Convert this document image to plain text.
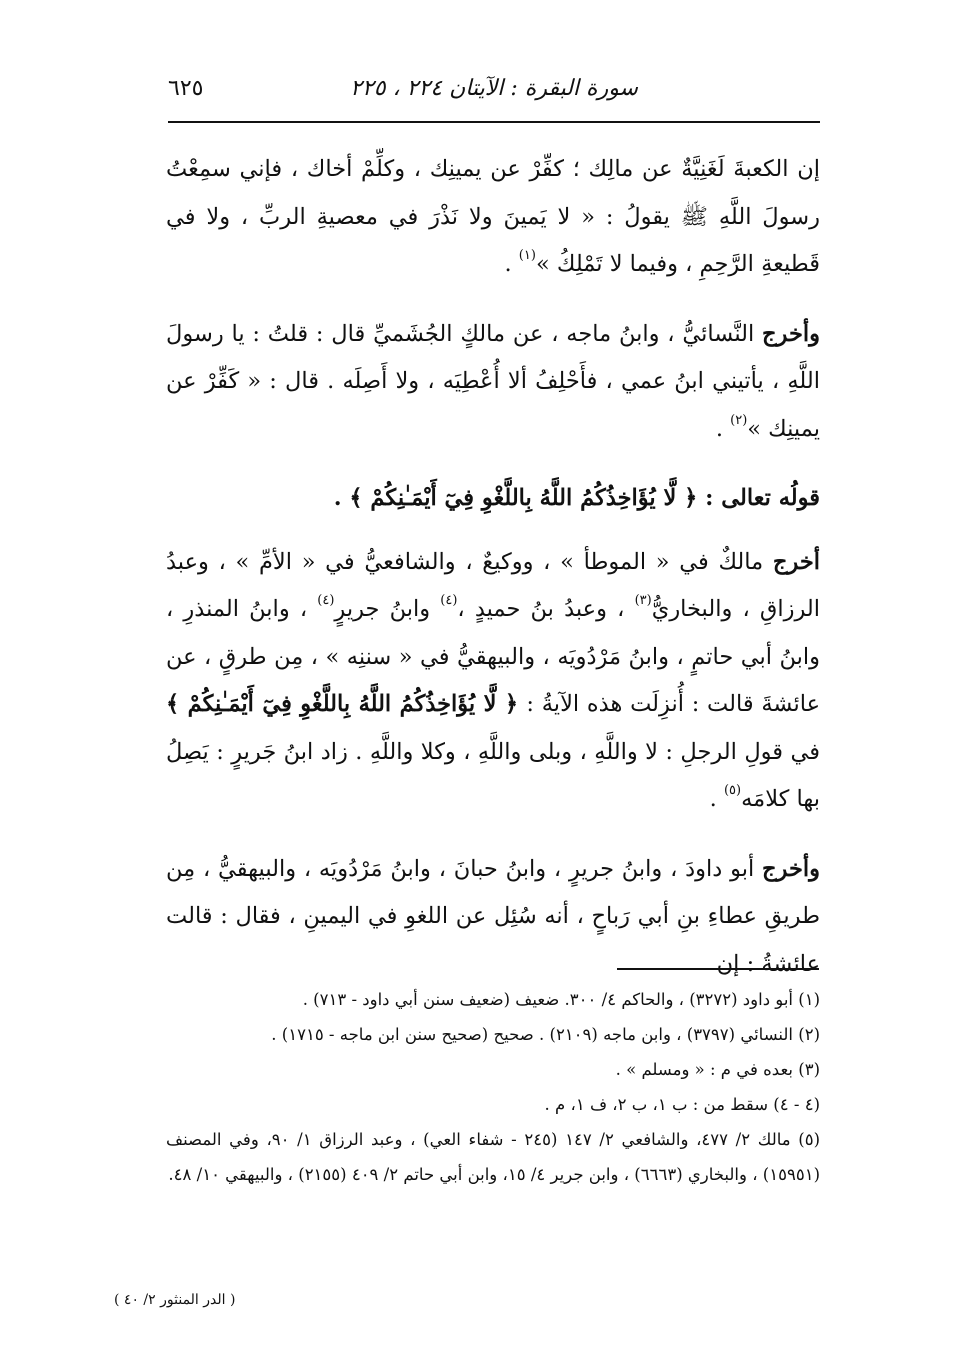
سورة البقرة : الآيتان ٢٢٤ ، ٢٢٥
٦٢٥

إن الكعبةَ لَغَنِيَّةٌ عن مالِك ؛ كفِّرْ عن يمينِك ، وكلِّمْ أخاك ، فإني سمِعْتُ رسولَ اللَّهِ ﷺ يقولُ : « لا يَمينَ ولا نَذْرَ في معصيةِ الربِّ ، ولا في قَطيعةِ الرَّحِمِ ، وفيما لا تَمْلِكُ »$^{(١)}$ .

وأخرج النَّسائيُّ ، وابنُ ماجه ، عن مالكٍ الجُشَميِّ قال : قلتُ : يا رسولَ اللَّهِ ، يأتيني ابنُ عمي ، فأَحْلِفُ ألا أُعْطِيَه ، ولا أَصِلَه . قال : « كَفِّرْ عن يمينِك »$^{(٢)}$ .

قولُه تعالى : ﴿ لَّا يُؤَاخِذُكُمُ اللَّهُ بِاللَّغْوِ فِيٓ أَيْمَـٰنِكُمْ ﴾ .

أخرج مالكٌ في « الموطأ » ، ووكيعٌ ، والشافعيُّ في « الأمِّ » ، وعبدُ الرزاقِ ، والبخاريُّ$^{(٣)}$ ، وعبدُ بنُ حميدٍ ،$^{(٤)}$ وابنُ جريرٍ$^{(٤)}$ ، وابنُ المنذرِ ، وابنُ أبي حاتمٍ ، وابنُ مَرْدُويَه ، والبيهقيُّ في « سننِه » ، مِن طرقٍ ، عن عائشةَ قالت : أُنزِلَت هذه الآيةُ : ﴿ لَّا يُؤَاخِذُكُمُ اللَّهُ بِاللَّغْوِ فِيٓ أَيْمَـٰنِكُمْ ﴾ في قولِ الرجلِ : لا واللَّهِ ، وبلى واللَّهِ ، وكلا واللَّهِ . زاد ابنُ جَريرٍ : يَصِلُ بها كلامَه$^{(٥)}$ .

وأخرج أبو داودَ ، وابنُ جريرٍ ، وابنُ حبانَ ، وابنُ مَرْدُويَه ، والبيهقيُّ ، مِن طريقِ عطاءِ بنِ أبي رَباحٍ ، أنه سُئِل عن اللغوِ في اليمينِ ، فقال : قالت عائشةُ : إن

(١) أبو داود (٣٢٧٢) ، والحاكم ٤/ ٣٠٠. ضعيف (ضعيف سنن أبي داود - ٧١٣) .

(٢) النسائي (٣٧٩٧) ، وابن ماجه (٢١٠٩) . صحيح (صحيح سنن ابن ماجه - ١٧١٥) .

(٣) بعده في م : « ومسلم » .

(٤ - ٤) سقط من : ب ١، ب ٢، ف ١، م .

(٥) مالك ٢/ ٤٧٧، والشافعي ٢/ ١٤٧ (٢٤٥ - شفاء العي) ، وعبد الرزاق ١/ ٩٠، وفي المصنف (١٥٩٥١) ، والبخاري (٦٦٦٣) ، وابن جرير ٤/ ١٥، وابن أبي حاتم ٢/ ٤٠٩ (٢١٥٥) ، والبيهقي ١٠/ ٤٨.

( الدر المنثور ٢/ ٤٠ )
